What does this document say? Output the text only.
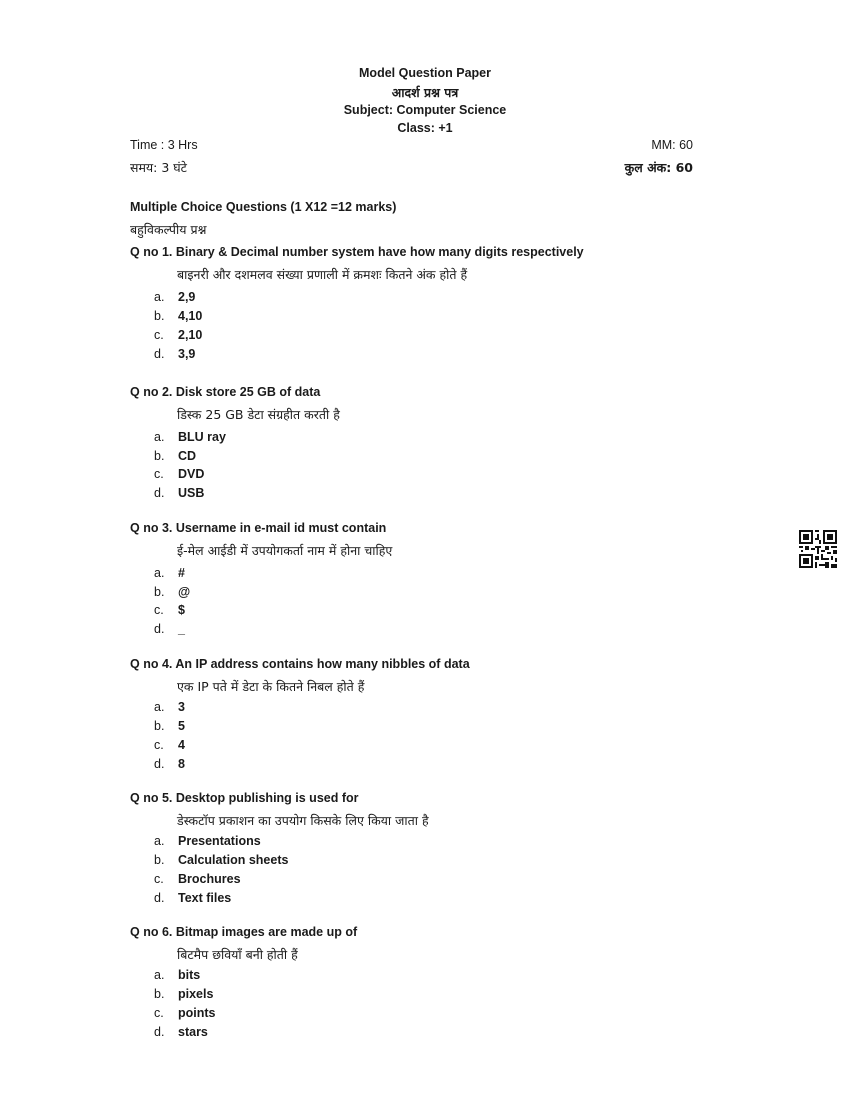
Model Question Paper
आदर्श प्रश्न पत्र
Subject: Computer Science
Class: +1
Time : 3 Hrs
समय: 3 घंटे
MM: 60
कुल अंक: 60
Multiple Choice Questions (1 X12 =12 marks)
बहुविकल्पीय प्रश्न
Q no 1. Binary & Decimal number system have how many digits respectively
बाइनरी और दशमलव संख्या प्रणाली में क्रमशः कितने अंक होते हैं
a. 2,9
b. 4,10
c. 2,10
d. 3,9
Q no 2. Disk store 25 GB of data
डिस्क 25 GB डेटा संग्रहीत करती है
a. BLU ray
b. CD
c. DVD
d. USB
Q no 3. Username in e-mail id must contain
ई-मेल आईडी में उपयोगकर्ता नाम में होना चाहिए
a. #
b. @
c. $
d. _
Q no 4. An IP address contains how many nibbles of data
एक IP पते में डेटा के कितने निबल होते हैं
a. 3
b. 5
c. 4
d. 8
Q no 5. Desktop publishing is used for
डेस्कटॉप प्रकाशन का उपयोग किसके लिए किया जाता है
a. Presentations
b. Calculation sheets
c. Brochures
d. Text files
Q no 6. Bitmap images are made up of
बिटमैप छवियाँ बनी होती हैं
a. bits
b. pixels
c. points
d. stars
